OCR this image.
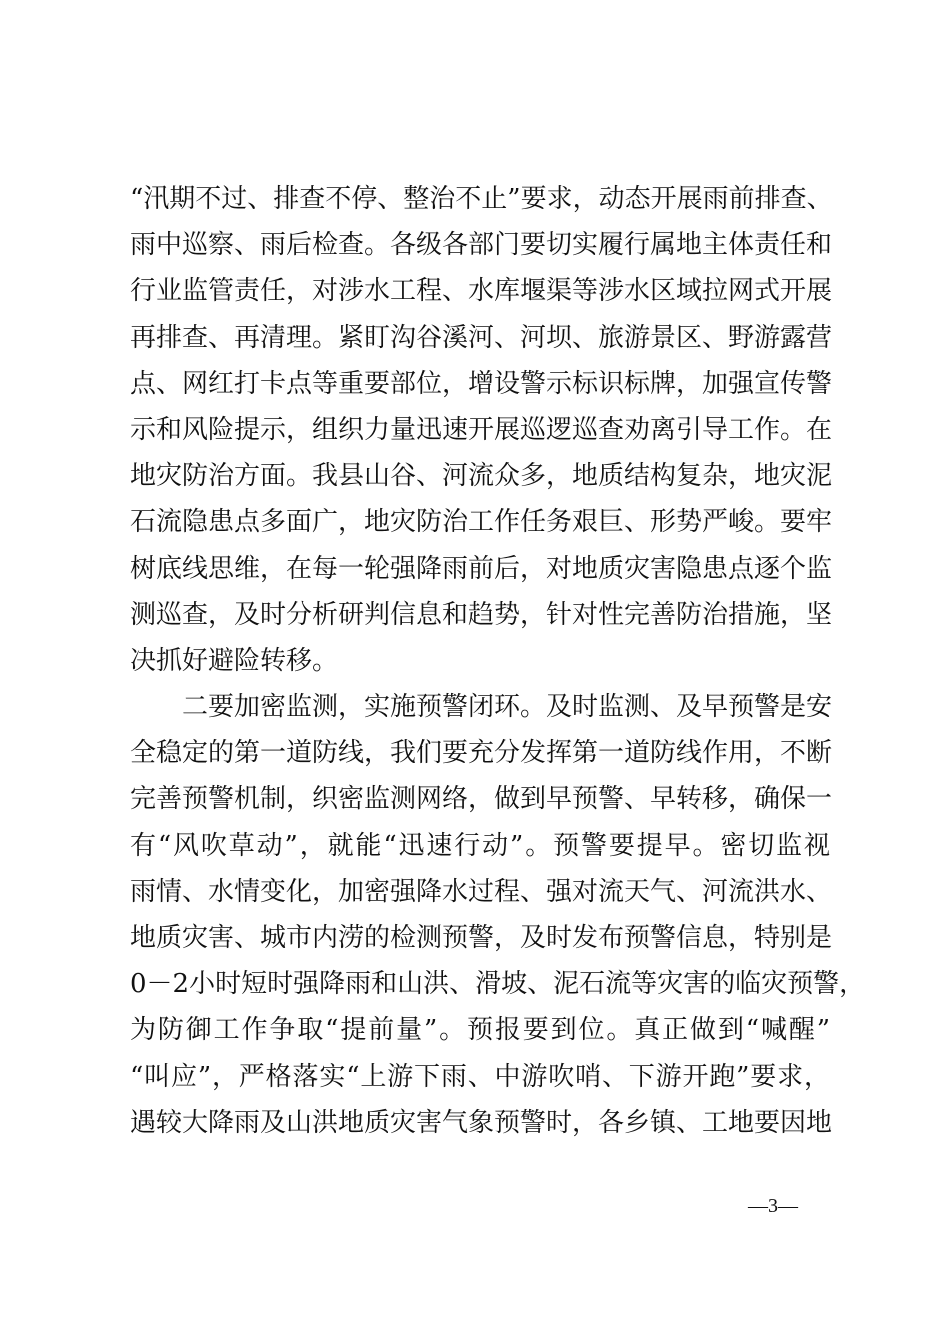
“汛期不过、排查不停、整治不止”要求，动态开展雨前排查、
雨中巡察、雨后检查。各级各部门要切实履行属地主体责任和
行业监管责任，对涉水工程、水库堰渠等涉水区域拉网式开展
再排查、再清理。紧盯沟谷溪河、河坝、旅游景区、野游露营
点、网红打卡点等重要部位，增设警示标识标牌，加强宣传警
示和风险提示，组织力量迅速开展巡逻巡查劝离引导工作。在
地灾防治方面。我县山谷、河流众多，地质结构复杂，地灾泥
石流隐患点多面广，地灾防治工作任务艰巨、形势严峻。要牢
树底线思维，在每一轮强降雨前后，对地质灾害隐患点逐个监
测巡查，及时分析研判信息和趋势，针对性完善防治措施，坚
决抓好避险转移。
二要加密监测，实施预警闭环。及时监测、及早预警是安
全稳定的第一道防线，我们要充分发挥第一道防线作用，不断
完善预警机制，织密监测网络，做到早预警、早转移，确保一
有“风吹草动”，就能“迅速行动”。预警要提早。密切监视
雨情、水情变化，加密强降水过程、强对流天气、河流洪水、
地质灾害、城市内涝的检测预警，及时发布预警信息，特别是
0－2小时短时强降雨和山洪、滑坡、泥石流等灾害的临灾预警，
为防御工作争取“提前量”。预报要到位。真正做到“喊醒”
“叫应”，严格落实“上游下雨、中游吹哨、下游开跑”要求，
遇较大降雨及山洪地质灾害气象预警时，各乡镇、工地要因地
—3—
